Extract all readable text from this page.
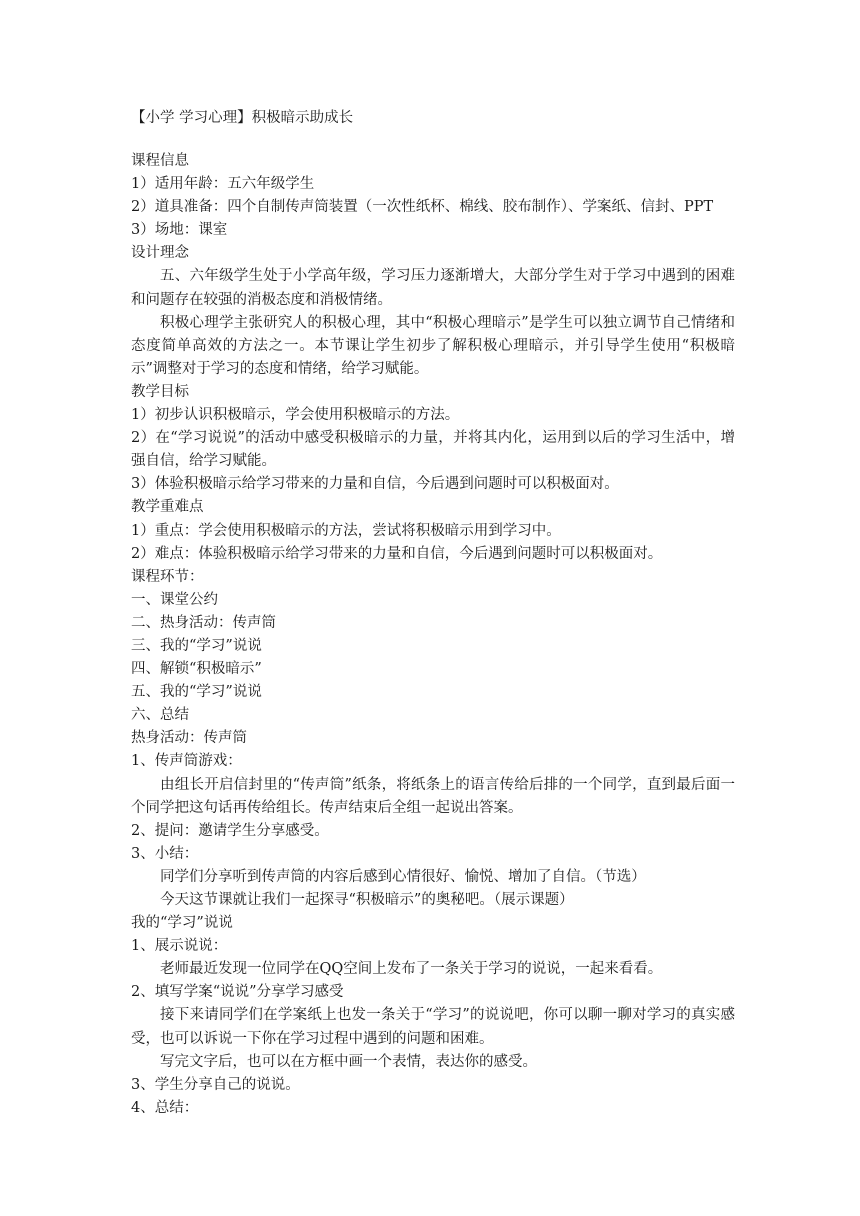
【小学 学习心理】积极暗示助成长
课程信息
1）适用年龄：五六年级学生
2）道具准备：四个自制传声筒装置（一次性纸杯、棉线、胶布制作）、学案纸、信封、PPT
3）场地：课室
设计理念
五、六年级学生处于小学高年级，学习压力逐渐增大，大部分学生对于学习中遇到的困难和问题存在较强的消极态度和消极情绪。
积极心理学主张研究人的积极心理，其中“积极心理暗示”是学生可以独立调节自己情绪和态度简单高效的方法之一。本节课让学生初步了解积极心理暗示，并引导学生使用“积极暗示”调整对于学习的态度和情绪，给学习赋能。
教学目标
1）初步认识积极暗示，学会使用积极暗示的方法。
2）在“学习说说”的活动中感受积极暗示的力量，并将其内化，运用到以后的学习生活中，增强自信，给学习赋能。
3）体验积极暗示给学习带来的力量和自信，今后遇到问题时可以积极面对。
教学重难点
1）重点：学会使用积极暗示的方法，尝试将积极暗示用到学习中。
2）难点：体验积极暗示给学习带来的力量和自信，今后遇到问题时可以积极面对。
课程环节：
一、课堂公约
二、热身活动：传声筒
三、我的“学习”说说
四、解锁“积极暗示”
五、我的“学习”说说
六、总结
热身活动：传声筒
1、传声筒游戏：
由组长开启信封里的“传声筒”纸条，将纸条上的语言传给后排的一个同学，直到最后面一个同学把这句话再传给组长。传声结束后全组一起说出答案。
2、提问：邀请学生分享感受。
3、小结：
同学们分享听到传声筒的内容后感到心情很好、愉悦、增加了自信。（节选）
今天这节课就让我们一起探寻“积极暗示”的奥秘吧。（展示课题）
我的“学习”说说
1、展示说说：
老师最近发现一位同学在QQ空间上发布了一条关于学习的说说，一起来看看。
2、填写学案“说说”分享学习感受
接下来请同学们在学案纸上也发一条关于“学习”的说说吧，你可以聊一聊对学习的真实感受，也可以诉说一下你在学习过程中遇到的问题和困难。
写完文字后，也可以在方框中画一个表情，表达你的感受。
3、学生分享自己的说说。
4、总结：
